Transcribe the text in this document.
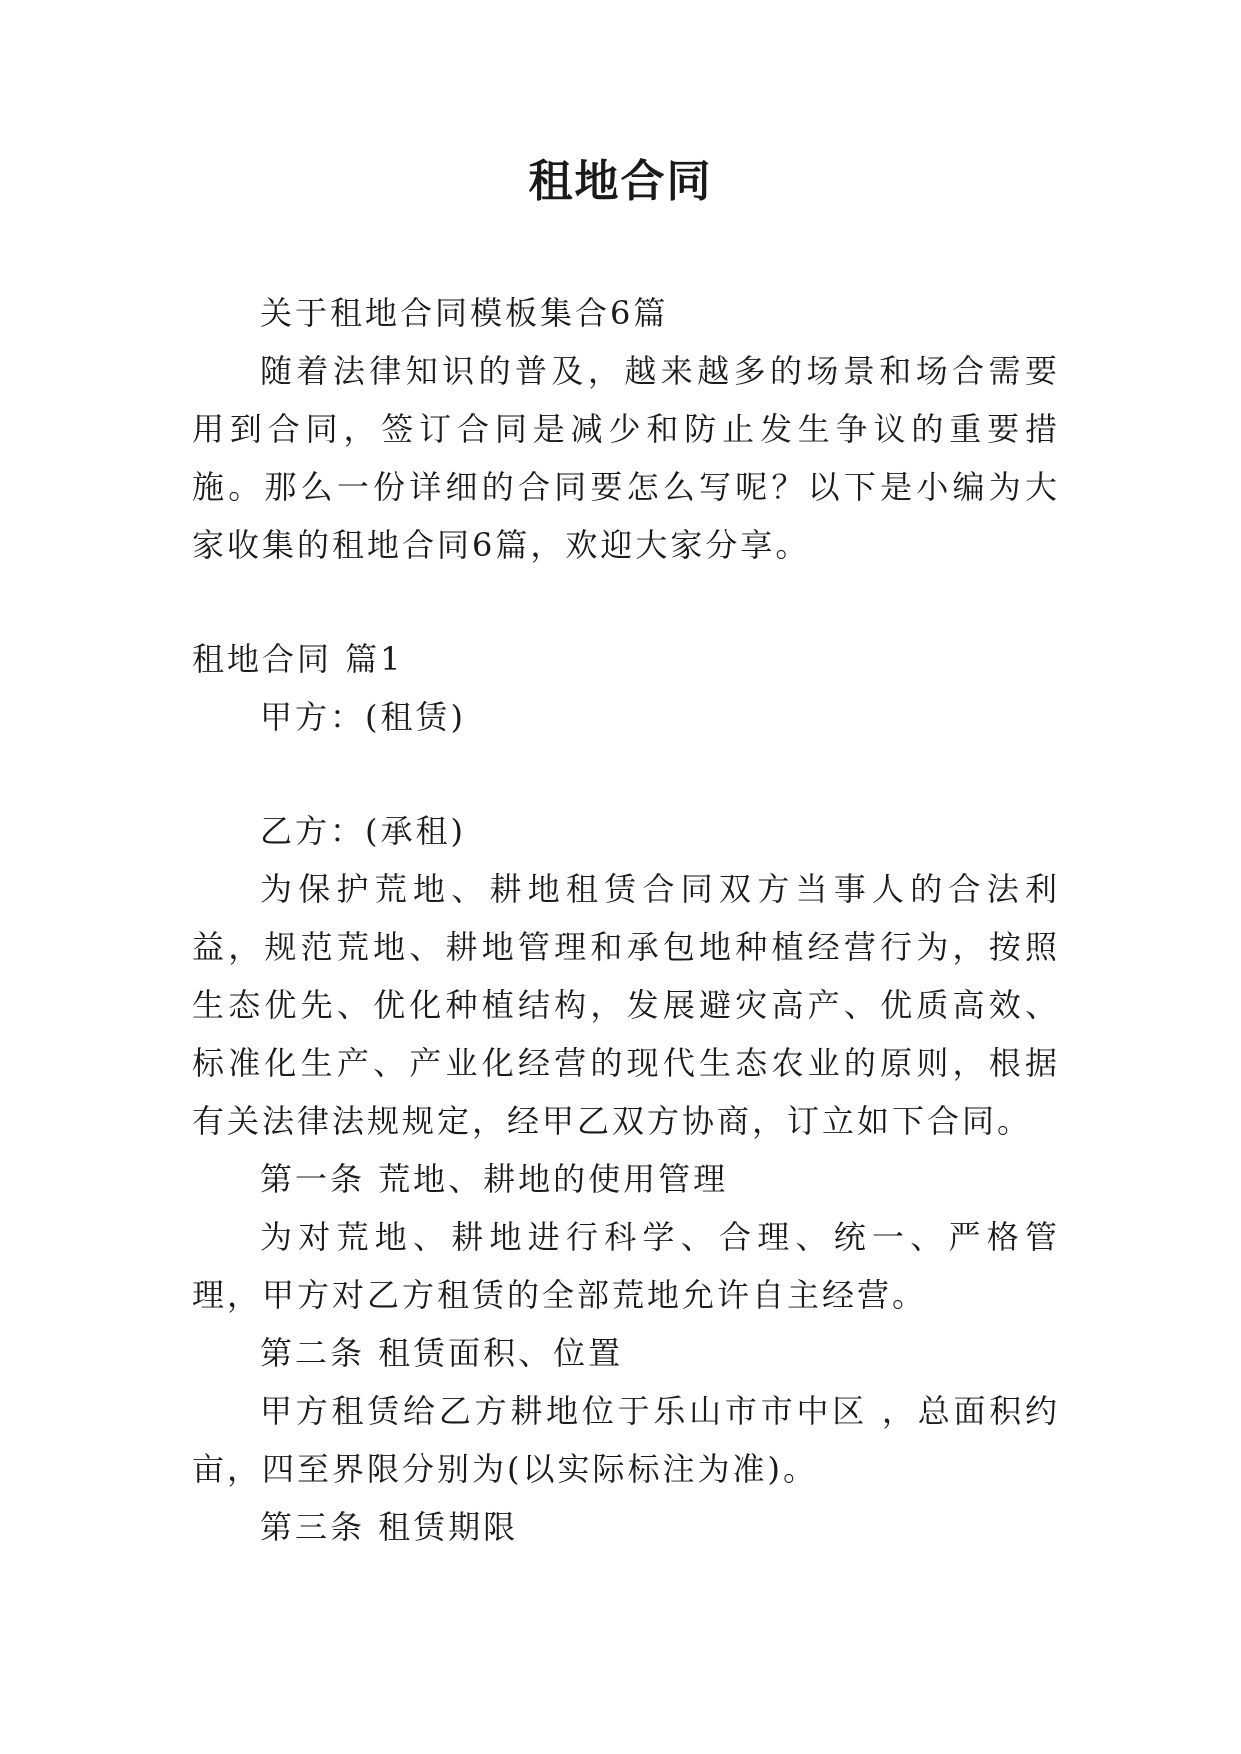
租地合同

关于租地合同模板集合6篇

随着法律知识的普及，越来越多的场景和场合需要用到合同，签订合同是减少和防止发生争议的重要措施。那么一份详细的合同要怎么写呢？以下是小编为大家收集的租地合同6篇，欢迎大家分享。

租地合同 篇1

甲方：(租赁)

乙方：(承租)

为保护荒地、耕地租赁合同双方当事人的合法利益，规范荒地、耕地管理和承包地种植经营行为，按照生态优先、优化种植结构，发展避灾高产、优质高效、标准化生产、产业化经营的现代生态农业的原则，根据有关法律法规规定，经甲乙双方协商，订立如下合同。

第一条 荒地、耕地的使用管理

为对荒地、耕地进行科学、合理、统一、严格管理，甲方对乙方租赁的全部荒地允许自主经营。

第二条 租赁面积、位置

甲方租赁给乙方耕地位于乐山市市中区 ，总面积约亩，四至界限分别为(以实际标注为准)。

第三条 租赁期限
